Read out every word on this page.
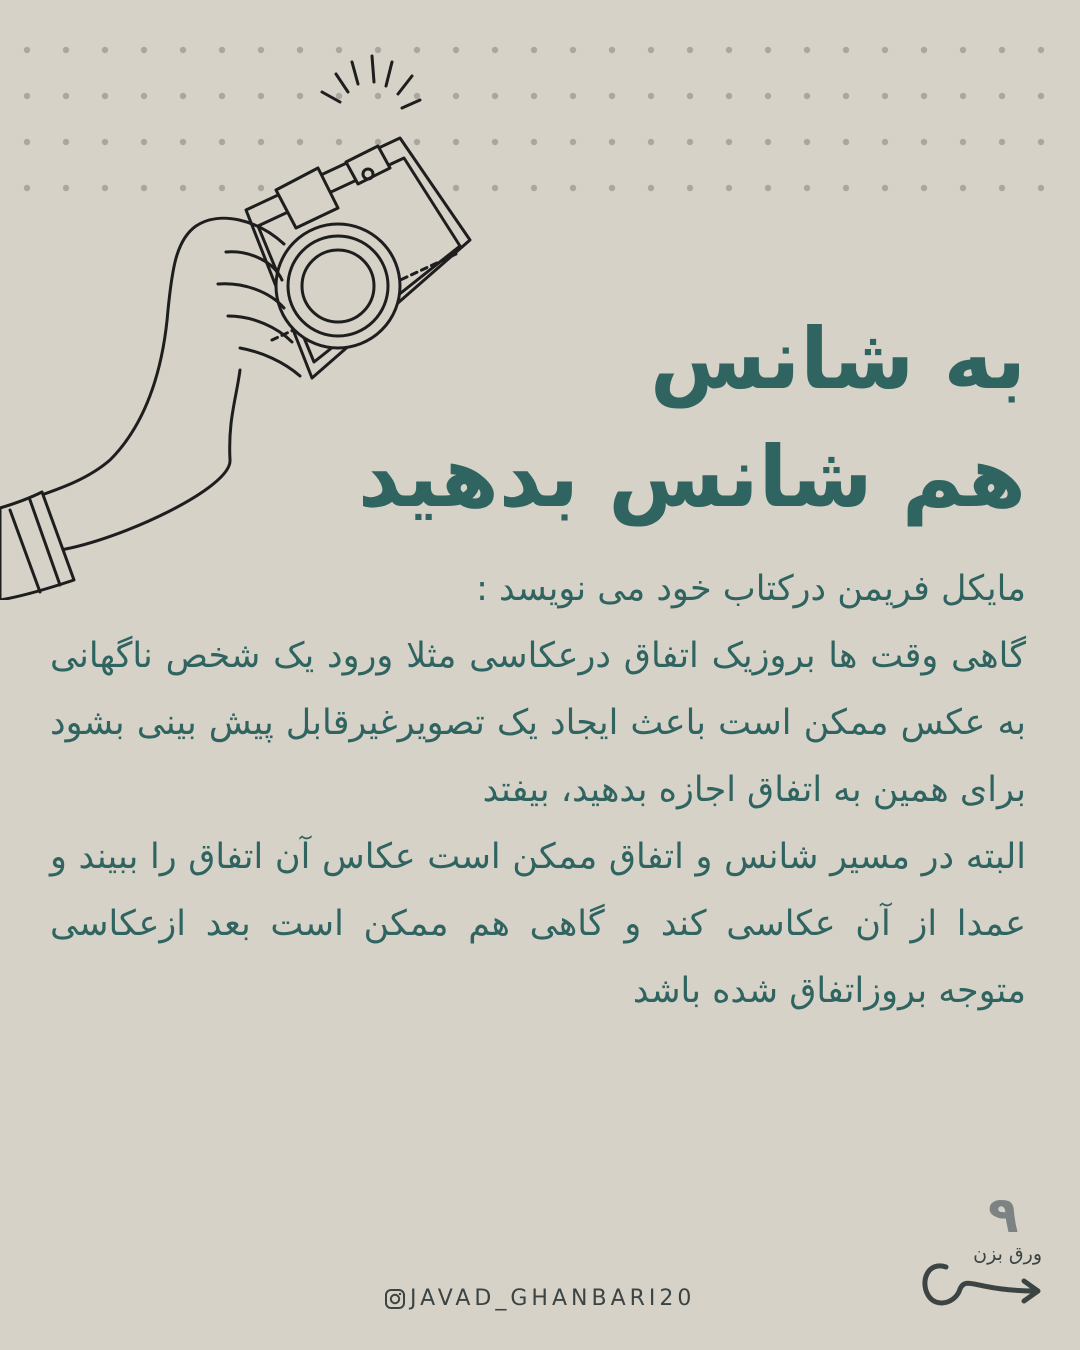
به شانس
هم شانس بدهید

مایکل فریمن درکتاب خود می نویسد :

گاهی وقت ها بروزیک اتفاق درعکاسی مثلا ورود یک شخص ناگهانی به عکس ممکن است باعث ایجاد یک تصویرغیرقابل پیش بینی بشود برای همین به اتفاق اجازه بدهید، بیفتد

البته در مسیر شانس و اتفاق ممکن است عکاس آن اتفاق را ببیند و عمدا از آن عکاسی کند و گاهی هم ممکن است بعد ازعکاسی متوجه بروزاتفاق شده باشد

JAVAD_GHANBARI20
۹
ورق بزن
